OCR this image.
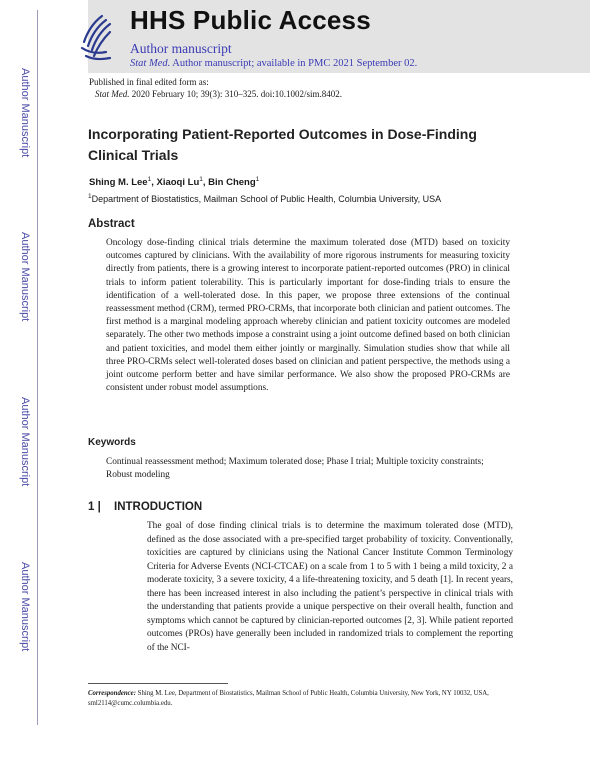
HHS Public Access
Author manuscript
Stat Med. Author manuscript; available in PMC 2021 September 02.
Author Manuscript
Author Manuscript
Author Manuscript
Author Manuscript
Published in final edited form as:
Stat Med. 2020 February 10; 39(3): 310–325. doi:10.1002/sim.8402.
Incorporating Patient-Reported Outcomes in Dose-Finding Clinical Trials
Shing M. Lee$^1$, Xiaoqi Lu$^1$, Bin Cheng$^1$
$^1$Department of Biostatistics, Mailman School of Public Health, Columbia University, USA
Abstract
Oncology dose-finding clinical trials determine the maximum tolerated dose (MTD) based on toxicity outcomes captured by clinicians. With the availability of more rigorous instruments for measuring toxicity directly from patients, there is a growing interest to incorporate patient-reported outcomes (PRO) in clinical trials to inform patient tolerability. This is particularly important for dose-finding trials to ensure the identification of a well-tolerated dose. In this paper, we propose three extensions of the continual reassessment method (CRM), termed PRO-CRMs, that incorporate both clinician and patient outcomes. The first method is a marginal modeling approach whereby clinician and patient toxicity outcomes are modeled separately. The other two methods impose a constraint using a joint outcome defined based on both clinician and patient toxicities, and model them either jointly or marginally. Simulation studies show that while all three PRO-CRMs select well-tolerated doses based on clinician and patient perspective, the methods using a joint outcome perform better and have similar performance. We also show the proposed PRO-CRMs are consistent under robust model assumptions.
Keywords
Continual reassessment method; Maximum tolerated dose; Phase I trial; Multiple toxicity constraints; Robust modeling
1 | INTRODUCTION
The goal of dose finding clinical trials is to determine the maximum tolerated dose (MTD), defined as the dose associated with a pre-specified target probability of toxicity. Conventionally, toxicities are captured by clinicians using the National Cancer Institute Common Terminology Criteria for Adverse Events (NCI-CTCAE) on a scale from 1 to 5 with 1 being a mild toxicity, 2 a moderate toxicity, 3 a severe toxicity, 4 a life-threatening toxicity, and 5 death [1]. In recent years, there has been increased interest in also including the patient’s perspective in clinical trials with the understanding that patients provide a unique perspective on their overall health, function and symptoms which cannot be captured by clinician-reported outcomes [2, 3]. While patient reported outcomes (PROs) have generally been included in randomized trials to complement the reporting of the NCI-
Correspondence: Shing M. Lee, Department of Biostatistics, Mailman School of Public Health, Columbia University, New York, NY 10032, USA, sml2114@cumc.columbia.edu.
